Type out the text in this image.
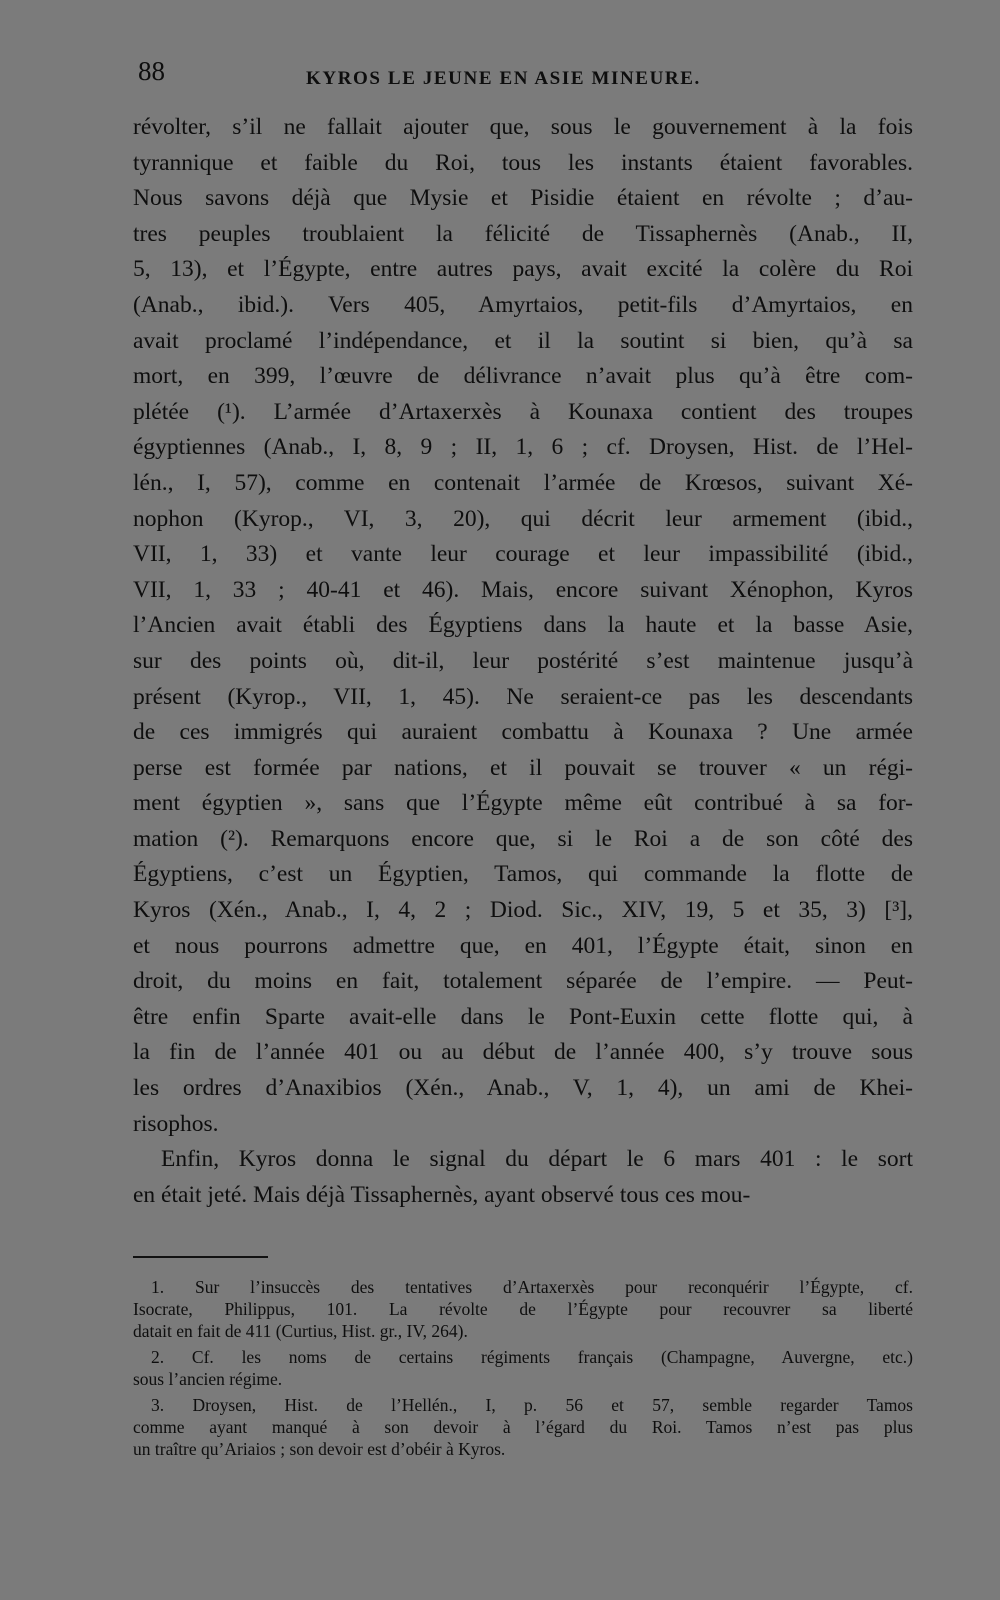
88	KYROS LE JEUNE EN ASIE MINEURE.
révolter, s’il ne fallait ajouter que, sous le gouvernement à la fois
tyrannique et faible du Roi, tous les instants étaient favorables.
Nous savons déjà que Mysie et Pisidie étaient en révolte ; d’au-
tres peuples troublaient la félicité de Tissaphernès (Anab., II,
5, 13), et l’Égypte, entre autres pays, avait excité la colère du Roi
(Anab., ibid.). Vers 405, Amyrtaios, petit-fils d’Amyrtaios, en
avait proclamé l’indépendance, et il la soutint si bien, qu’à sa
mort, en 399, l’œuvre de délivrance n’avait plus qu’à être com-
plétée (¹). L’armée d’Artaxerxès à Kounaxa contient des troupes
égyptiennes (Anab., I, 8, 9 ; II, 1, 6 ; cf. Droysen, Hist. de l’Hel-
lén., I, 57), comme en contenait l’armée de Krœsos, suivant Xé-
nophon (Kyrop., VI, 3, 20), qui décrit leur armement (ibid.,
VII, 1, 33) et vante leur courage et leur impassibilité (ibid.,
VII, 1, 33 ; 40-41 et 46). Mais, encore suivant Xénophon, Kyros
l’Ancien avait établi des Égyptiens dans la haute et la basse Asie,
sur des points où, dit-il, leur postérité s’est maintenue jusqu’à
présent (Kyrop., VII, 1, 45). Ne seraient-ce pas les descendants
de ces immigrés qui auraient combattu à Kounaxa ? Une armée
perse est formée par nations, et il pouvait se trouver « un régi-
ment égyptien », sans que l’Égypte même eût contribué à sa for-
mation (²). Remarquons encore que, si le Roi a de son côté des
Égyptiens, c’est un Égyptien, Tamos, qui commande la flotte de
Kyros (Xén., Anab., I, 4, 2 ; Diod. Sic., XIV, 19, 5 et 35, 3) [³],
et nous pourrons admettre que, en 401, l’Égypte était, sinon en
droit, du moins en fait, totalement séparée de l’empire. — Peut-
être enfin Sparte avait-elle dans le Pont-Euxin cette flotte qui, à
la fin de l’année 401 ou au début de l’année 400, s’y trouve sous
les ordres d’Anaxibios (Xén., Anab., V, 1, 4), un ami de Khei-
risophos.
Enfin, Kyros donna le signal du départ le 6 mars 401 : le sort
en était jeté. Mais déjà Tissaphernès, ayant observé tous ces mou-
1. Sur l’insuccès des tentatives d’Artaxerxès pour reconquérir l’Égypte, cf.
Isocrate, Philippus, 101. La révolte de l’Égypte pour recouvrer sa liberté
datait en fait de 411 (Curtius, Hist. gr., IV, 264).
2. Cf. les noms de certains régiments français (Champagne, Auvergne, etc.)
sous l’ancien régime.
3. Droysen, Hist. de l’Hellén., I, p. 56 et 57, semble regarder Tamos
comme ayant manqué à son devoir à l’égard du Roi. Tamos n’est pas plus
un traître qu’Ariaios ; son devoir est d’obéir à Kyros.
